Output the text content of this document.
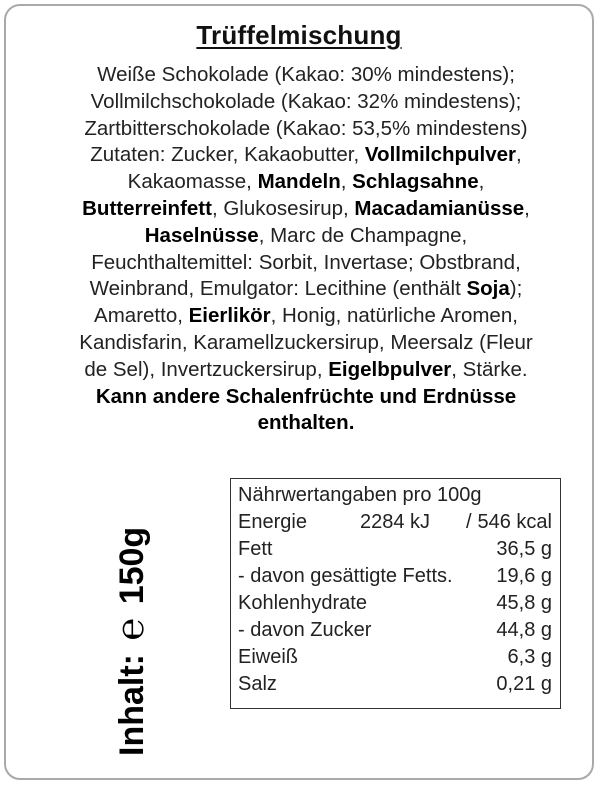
Trüffelmischung
Weiße Schokolade (Kakao: 30% mindestens);
Vollmilchschokolade (Kakao: 32% mindestens);
Zartbitterschokolade (Kakao: 53,5% mindestens)
Zutaten: Zucker, Kakaobutter, Vollmilchpulver,
Kakaomasse, Mandeln, Schlagsahne,
Butterreinfett, Glukosesirup, Macadamianüsse,
Haselnüsse, Marc de Champagne,
Feuchthaltemittel: Sorbit, Invertase; Obstbrand,
Weinbrand, Emulgator: Lecithine (enthält Soja);
Amaretto, Eierlikör, Honig, natürliche Aromen,
Kandisfarin, Karamellzuckersirup, Meersalz (Fleur
de Sel), Invertzuckersirup, Eigelbpulver, Stärke.
Kann andere Schalenfrüchte und Erdnüsse
enthalten.
Nährwertangaben pro 100g
Energie	2284 kJ / 546 kcal
Fett	36,5 g
- davon gesättigte Fetts. 19,6 g
Kohlenhydrate	45,8 g
- davon Zucker	44,8 g
Eiweiß	6,3 g
Salz	0,21 g
Inhalt: ℮ 150g
